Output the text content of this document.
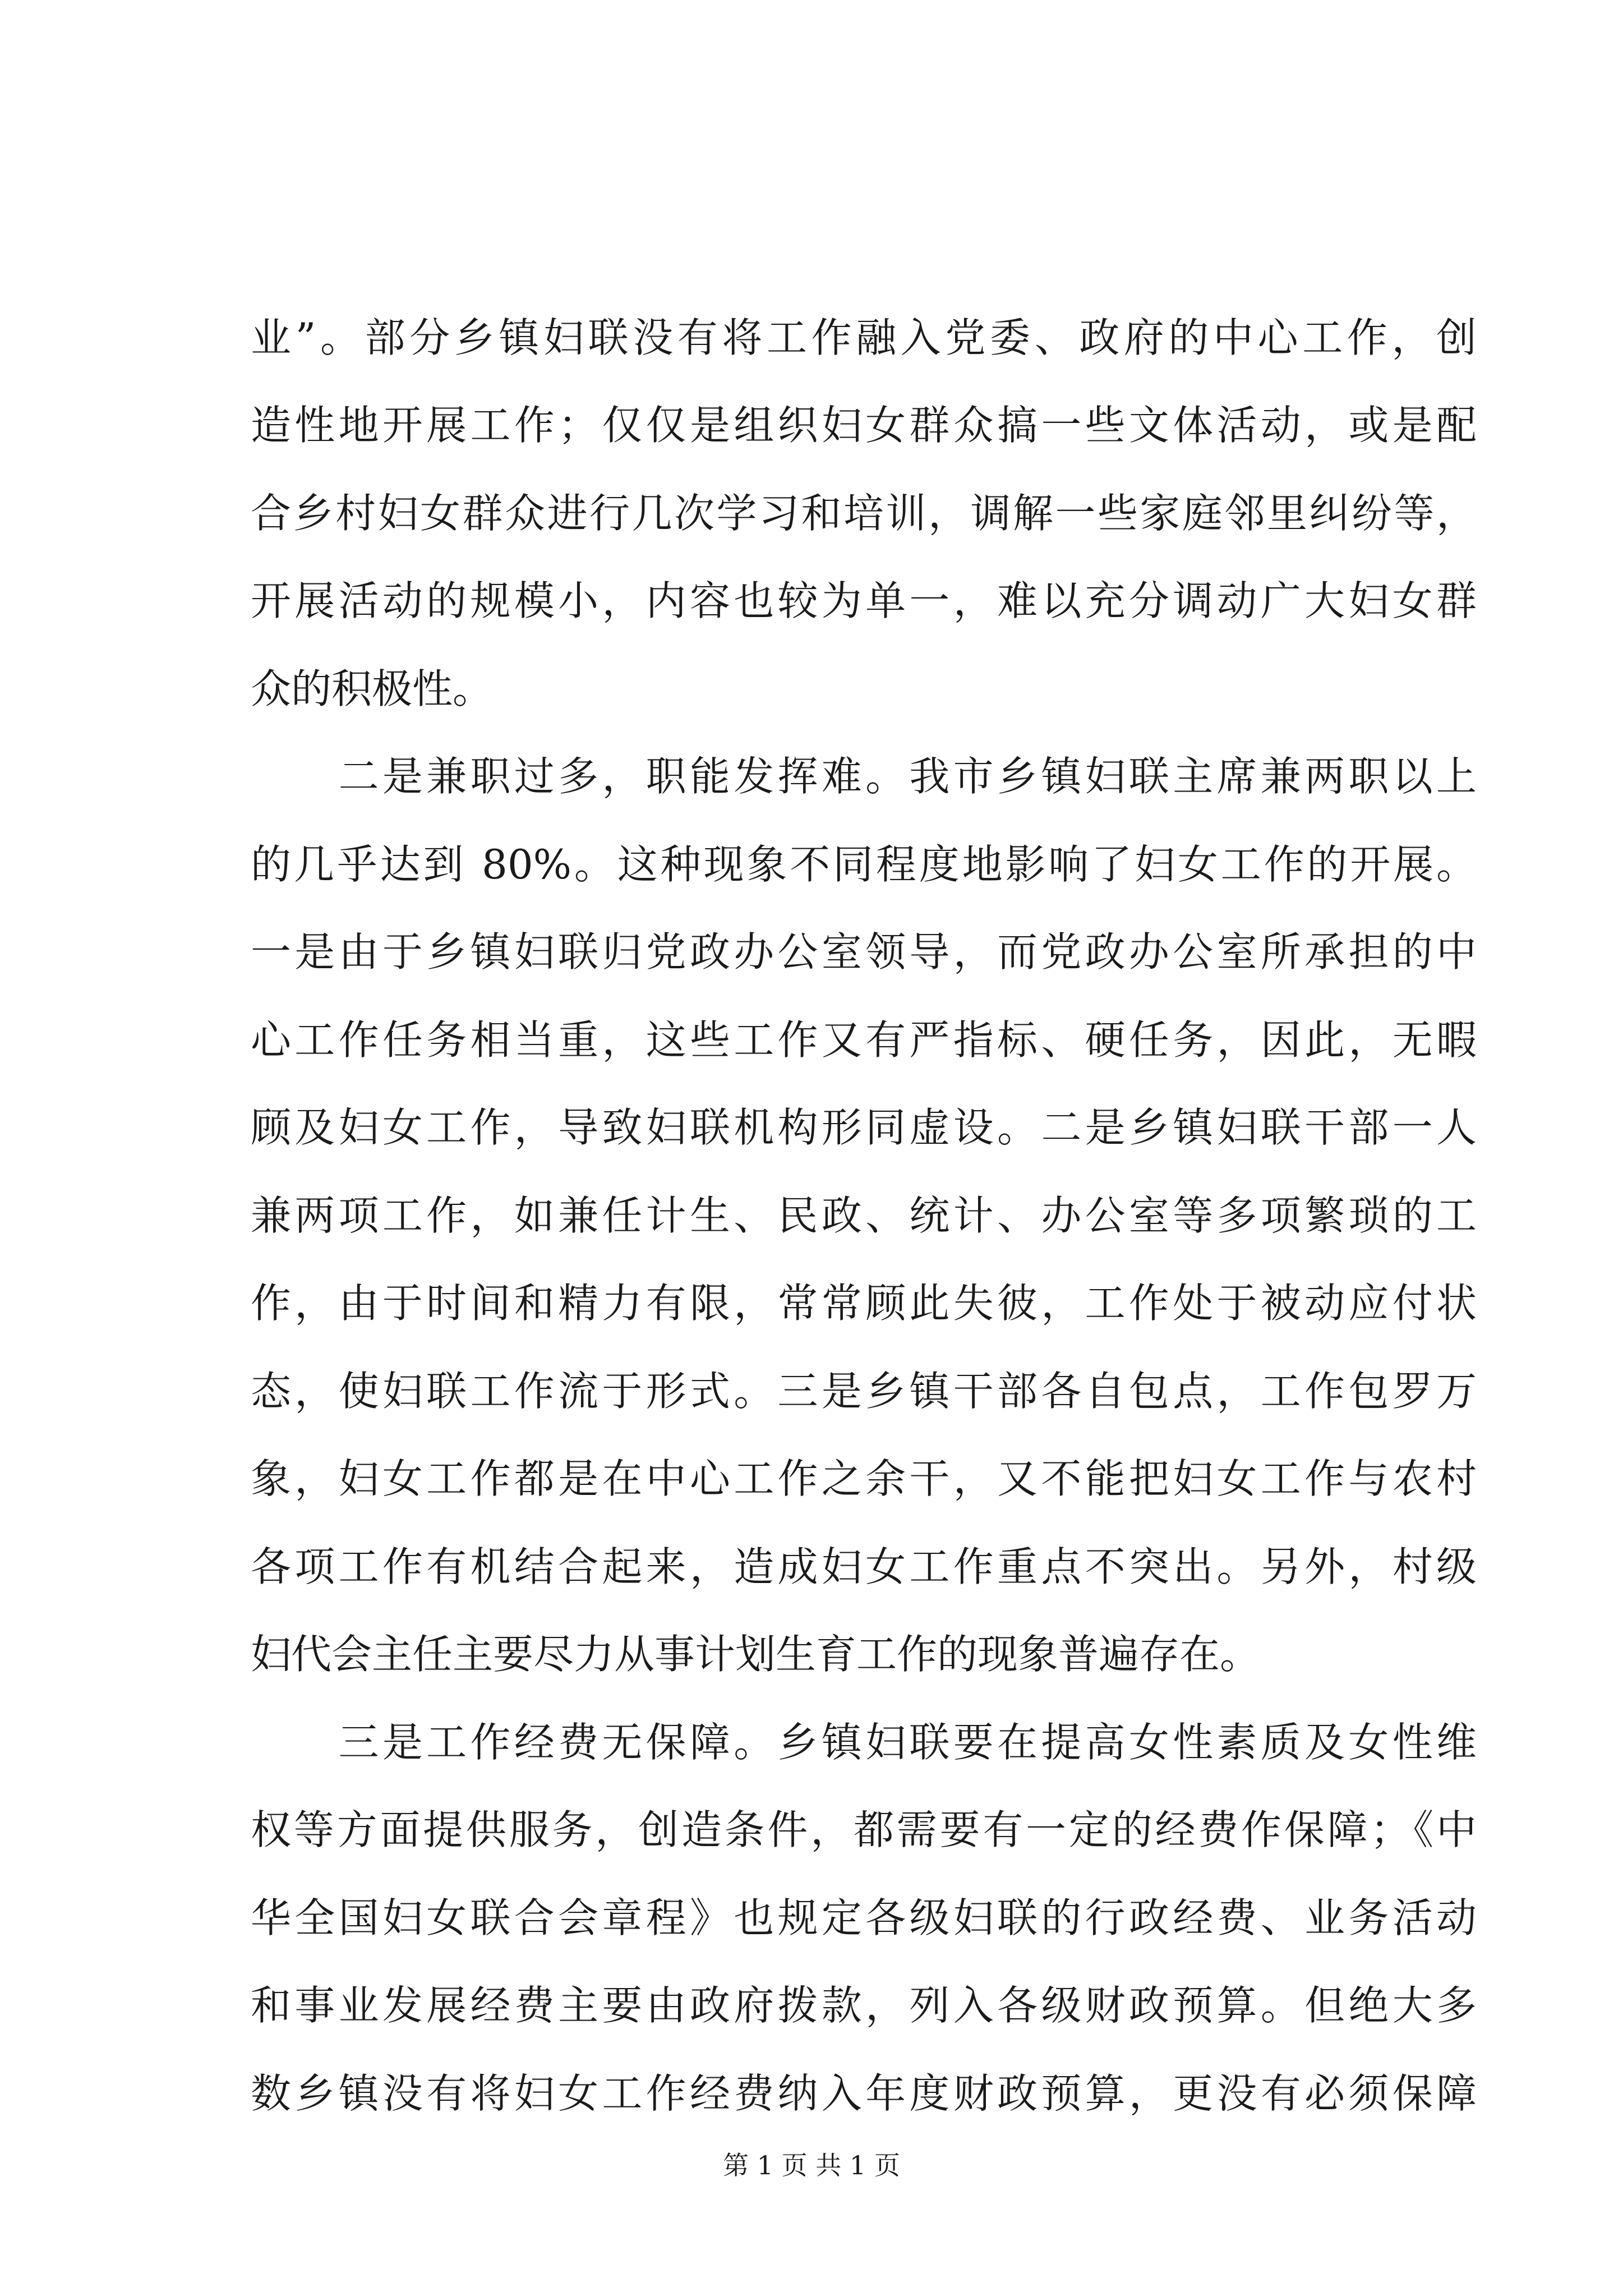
业”。部分乡镇妇联没有将工作融入党委、政府的中心工作，创
造性地开展工作；仅仅是组织妇女群众搞一些文体活动，或是配
合乡村妇女群众进行几次学习和培训，调解一些家庭邻里纠纷等，
开展活动的规模小，内容也较为单一，难以充分调动广大妇女群
众的积极性。
　　二是兼职过多，职能发挥难。我市乡镇妇联主席兼两职以上
的几乎达到 80%。这种现象不同程度地影响了妇女工作的开展。
一是由于乡镇妇联归党政办公室领导，而党政办公室所承担的中
心工作任务相当重，这些工作又有严指标、硬任务，因此，无暇
顾及妇女工作，导致妇联机构形同虚设。二是乡镇妇联干部一人
兼两项工作，如兼任计生、民政、统计、办公室等多项繁琐的工
作，由于时间和精力有限，常常顾此失彼，工作处于被动应付状
态，使妇联工作流于形式。三是乡镇干部各自包点，工作包罗万
象，妇女工作都是在中心工作之余干，又不能把妇女工作与农村
各项工作有机结合起来，造成妇女工作重点不突出。另外，村级
妇代会主任主要尽力从事计划生育工作的现象普遍存在。
　　三是工作经费无保障。乡镇妇联要在提高女性素质及女性维
权等方面提供服务，创造条件，都需要有一定的经费作保障；《中
华全国妇女联合会章程》也规定各级妇联的行政经费、业务活动
和事业发展经费主要由政府拨款，列入各级财政预算。但绝大多
数乡镇没有将妇女工作经费纳入年度财政预算，更没有必须保障
第 1 页 共 1 页
